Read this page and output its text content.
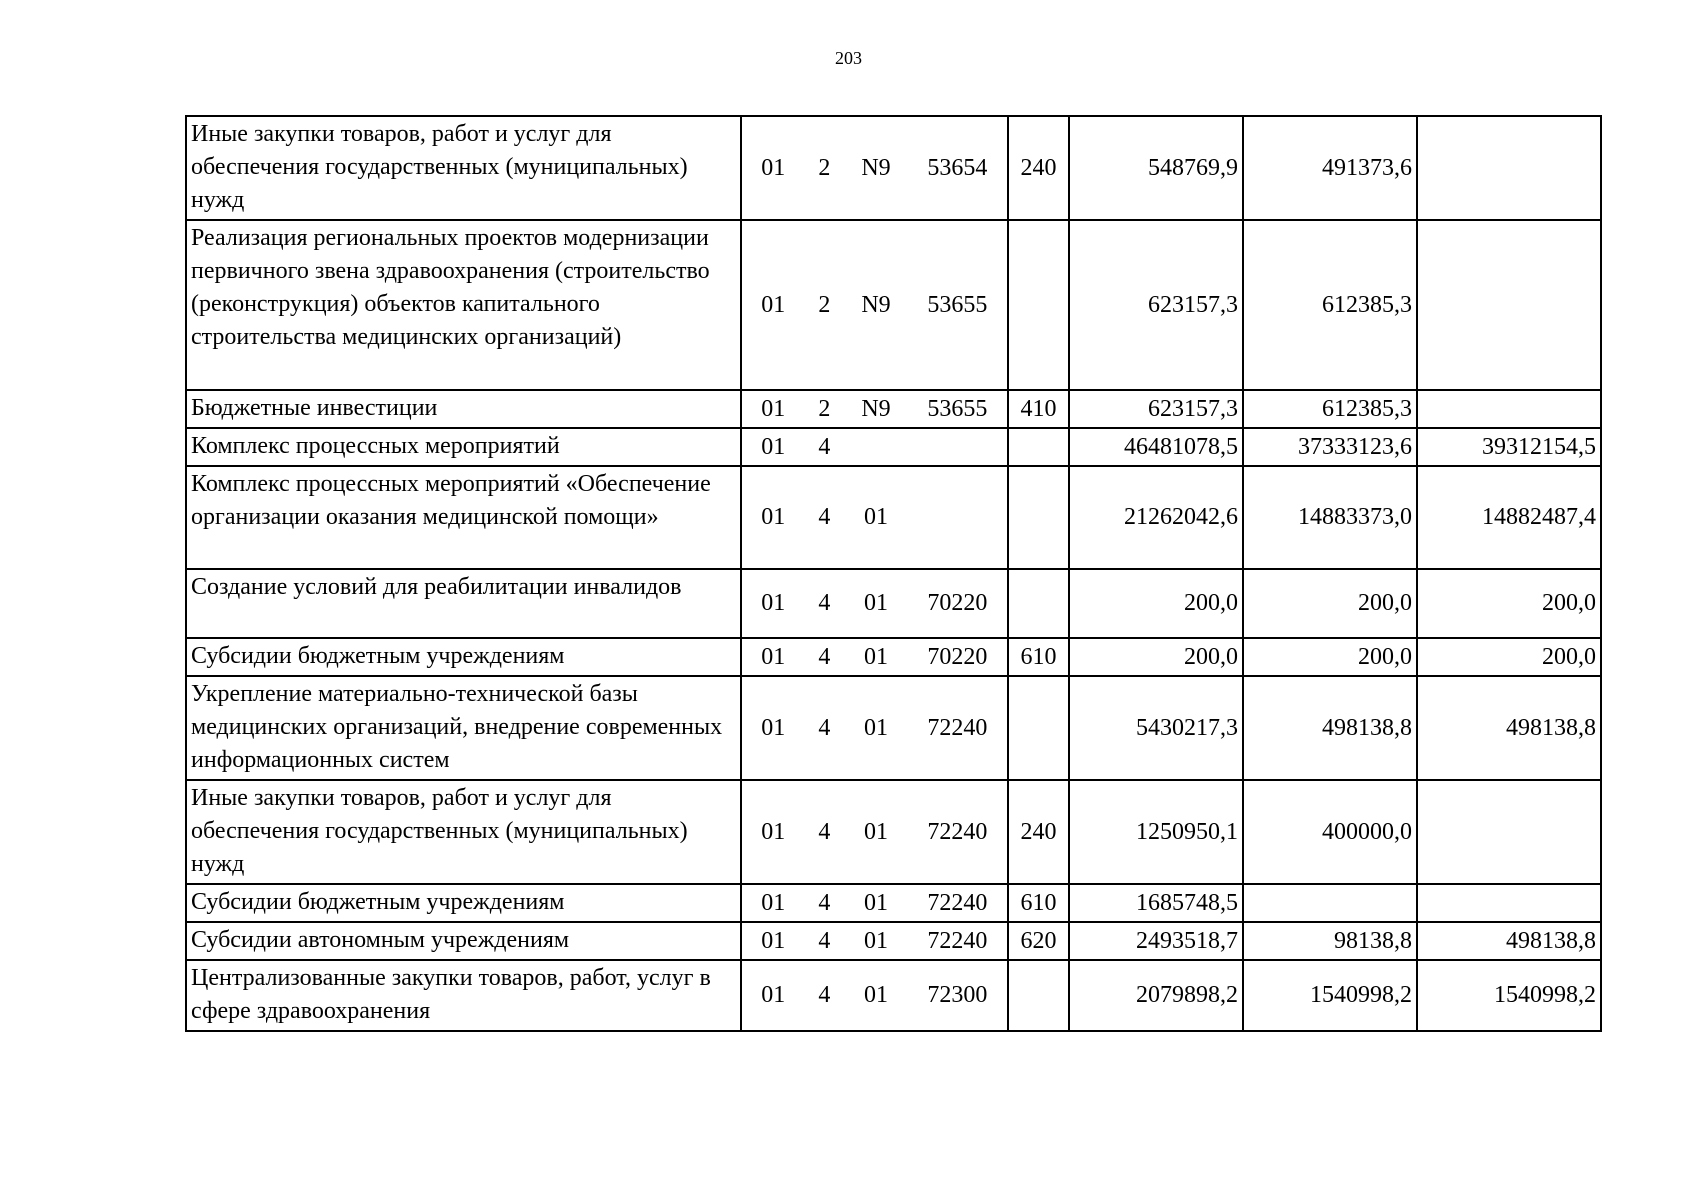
203
Иные закупки товаров, работ и услуг для обеспечения государственных (муниципальных) нужд	01 2 N9 53654	240	548769,9	491373,6	
Реализация региональных проектов модернизации первичного звена здравоохранения (строительство (реконструкция) объектов капитального строительства медицинских организаций)	01 2 N9 53655		623157,3	612385,3	
Бюджетные инвестиции	01 2 N9 53655	410	623157,3	612385,3	
Комплекс процессных мероприятий	01 4		46481078,5	37333123,6	39312154,5
Комплекс процессных мероприятий «Обеспечение организации оказания медицинской помощи»	01 4 01		21262042,6	14883373,0	14882487,4
Создание условий для реабилитации инвалидов	01 4 01 70220		200,0	200,0	200,0
Субсидии бюджетным учреждениям	01 4 01 70220	610	200,0	200,0	200,0
Укрепление материально-технической базы медицинских организаций, внедрение современных информационных систем	01 4 01 72240		5430217,3	498138,8	498138,8
Иные закупки товаров, работ и услуг для обеспечения государственных (муниципальных) нужд	01 4 01 72240	240	1250950,1	400000,0	
Субсидии бюджетным учреждениям	01 4 01 72240	610	1685748,5		
Субсидии автономным учреждениям	01 4 01 72240	620	2493518,7	98138,8	498138,8
Централизованные закупки товаров, работ, услуг в сфере здравоохранения	01 4 01 72300		2079898,2	1540998,2	1540998,2
